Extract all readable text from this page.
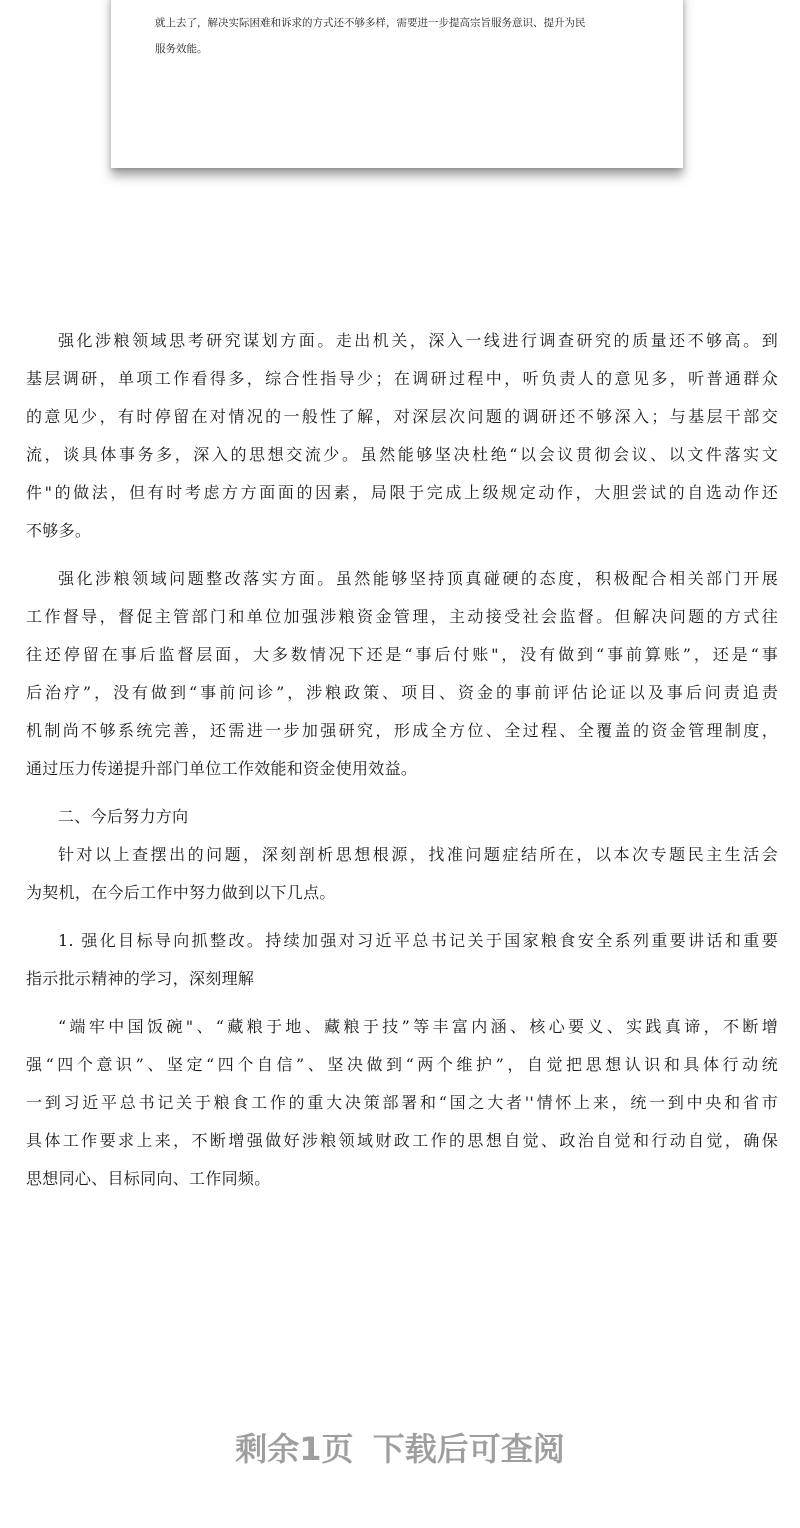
就上去了，解决实际困难和诉求的方式还不够多样，需要进一步提高宗旨服务意识、提升为民
服务效能。

强化涉粮领域思考研究谋划方面。走出机关，深入一线进行调查研究的质量还不够高。到
基层调研，单项工作看得多，综合性指导少；在调研过程中，听负责人的意见多，听普通群众
的意见少，有时停留在对情况的一般性了解，对深层次问题的调研还不够深入；与基层干部交
流，谈具体事务多，深入的思想交流少。虽然能够坚决杜绝“以会议贯彻会议、以文件落实文
件"的做法，但有时考虑方方面面的因素，局限于完成上级规定动作，大胆尝试的自选动作还
不够多。

强化涉粮领域问题整改落实方面。虽然能够坚持顶真碰硬的态度，积极配合相关部门开展
工作督导，督促主管部门和单位加强涉粮资金管理，主动接受社会监督。但解决问题的方式往
往还停留在事后监督层面，大多数情况下还是“事后付账"，没有做到“事前算账”，还是“事
后治疗”，没有做到“事前问诊”，涉粮政策、项目、资金的事前评估论证以及事后问责追责
机制尚不够系统完善，还需进一步加强研究，形成全方位、全过程、全覆盖的资金管理制度，
通过压力传递提升部门单位工作效能和资金使用效益。

二、今后努力方向

针对以上查摆出的问题，深刻剖析思想根源，找准问题症结所在，以本次专题民主生活会
为契机，在今后工作中努力做到以下几点。

1. 强化目标导向抓整改。持续加强对习近平总书记关于国家粮食安全系列重要讲话和重要
指示批示精神的学习，深刻理解

“端牢中国饭碗"、“藏粮于地、藏粮于技”等丰富内涵、核心要义、实践真谛，不断增
强“四个意识”、坚定“四个自信”、坚决做到“两个维护”，自觉把思想认识和具体行动统
一到习近平总书记关于粮食工作的重大决策部署和“国之大者''情怀上来，统一到中央和省市
具体工作要求上来，不断增强做好涉粮领域财政工作的思想自觉、政治自觉和行动自觉，确保
思想同心、目标同向、工作同频。

剩余1页 下载后可查阅
